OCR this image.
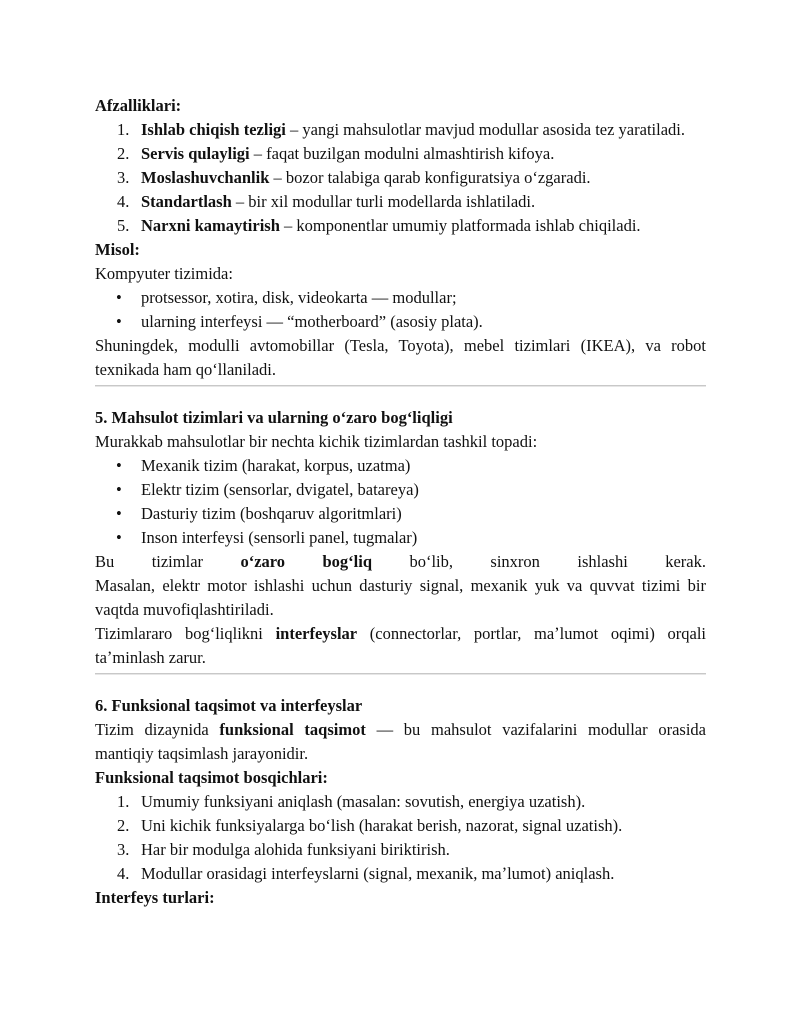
Afzalliklari:

1. Ishlab chiqish tezligi – yangi mahsulotlar mavjud modullar asosida tez yaratiladi.
2. Servis qulayligi – faqat buzilgan modulni almashtirish kifoya.
3. Moslashuvchanlik – bozor talabiga qarab konfiguratsiya oʻzgaradi.
4. Standartlash – bir xil modullar turli modellarda ishlatiladi.
5. Narxni kamaytirish – komponentlar umumiy platformada ishlab chiqiladi.

Misol:

Kompyuter tizimida:

• protsessor, xotira, disk, videokarta — modullar;
• ularning interfeysi — “motherboard” (asosiy plata).

Shuningdek, modulli avtomobillar (Tesla, Toyota), mebel tizimlari (IKEA), va robot texnikada ham qoʻllaniladi.

5. Mahsulot tizimlari va ularning oʻzaro bogʻliqligi

Murakkab mahsulotlar bir nechta kichik tizimlardan tashkil topadi:

• Mexanik tizim (harakat, korpus, uzatma)
• Elektr tizim (sensorlar, dvigatel, batareya)
• Dasturiy tizim (boshqaruv algoritmlari)
• Inson interfeysi (sensorli panel, tugmalar)

Bu tizimlar oʻzaro bogʻliq boʻlib, sinxron ishlashi kerak.

Masalan, elektr motor ishlashi uchun dasturiy signal, mexanik yuk va quvvat tizimi bir vaqtda muvofiqlashtiriladi.

Tizimlararo bogʻliqlikni interfeyslar (connectorlar, portlar, maʼlumot oqimi) orqali taʼminlash zarur.

6. Funksional taqsimot va interfeyslar

Tizim dizaynida funksional taqsimot — bu mahsulot vazifalarini modullar orasida mantiqiy taqsimlash jarayonidir.

Funksional taqsimot bosqichlari:

1. Umumiy funksiyani aniqlash (masalan: sovutish, energiya uzatish).
2. Uni kichik funksiyalarga boʻlish (harakat berish, nazorat, signal uzatish).
3. Har bir modulga alohida funksiyani biriktirish.
4. Modullar orasidagi interfeyslarni (signal, mexanik, maʼlumot) aniqlash.

Interfeys turlari:
